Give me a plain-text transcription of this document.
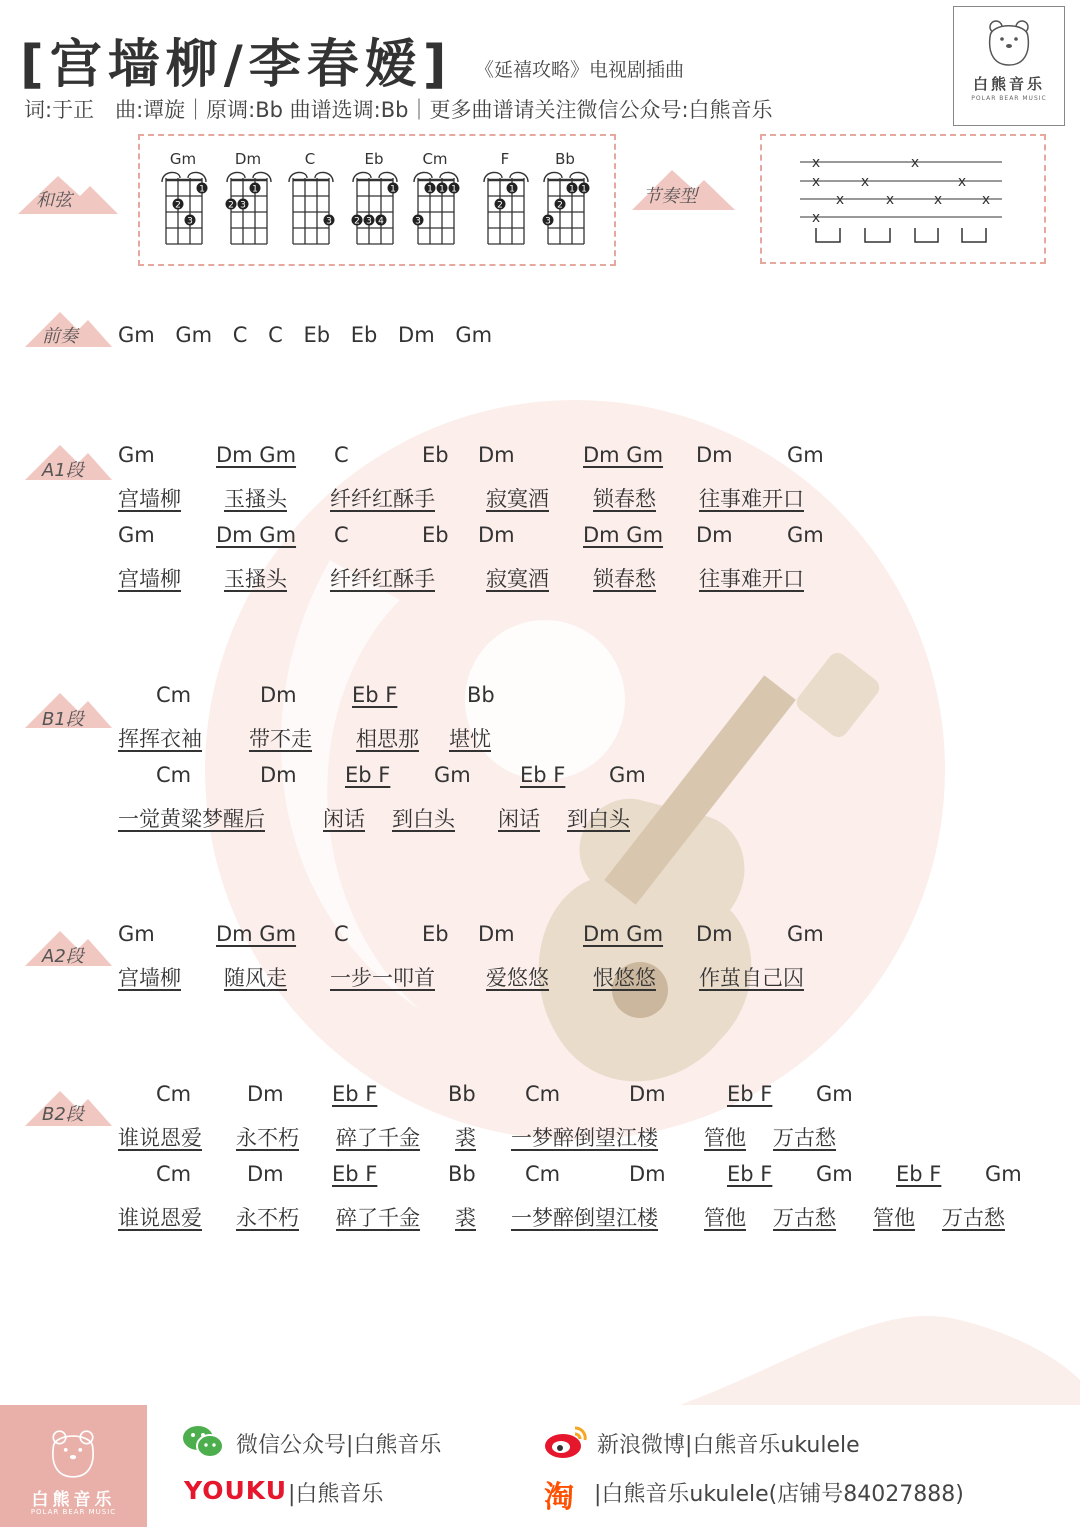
[宫墙柳/李春嫒] 《延禧攻略》电视剧插曲
词:于正　曲:谭旋｜原调:Bb 曲谱选调:Bb｜更多曲谱请关注微信公众号:白熊音乐
白熊音乐
POLAR BEAR MUSIC
和弦
Gm
1
2
3
Dm
1
2 3
C
3
Eb
2 3 4
1
Cm
3
1 1 1
F
2
1
Bb
3
2
1 1	节奏型
x	x
x	x	x
x	x	x	x
x
前奏 Gm Gm C C Eb Eb Dm Gm
A1段
Gm	Dm Gm C	Eb Dm	Dm Gm Dm	Gm
宫墙柳 玉搔头 纤纤红酥手 寂寞酒 锁春愁 往事难开口
Gm	Dm Gm C	Eb Dm	Dm Gm Dm	Gm
宫墙柳 玉搔头 纤纤红酥手 寂寞酒 锁春愁 往事难开口
B1段
Cm	Dm	Eb F	Bb
挥挥衣袖 带不走 相思那 堪忧
Cm	Dm Eb F Gm Eb F Gm
一觉黄粱梦醒后	闲话 到白头 闲话 到白头
A2段
Gm	Dm Gm C	Eb Dm	Dm Gm Dm	Gm
宫墙柳 随风走 一步一叩首 爱悠悠 恨悠悠 作茧自己囚
B2段
Cm	Dm Eb F	Bb Cm	Dm	Eb F Gm
谁说恩爱 永不朽 碎了千金 裘 一梦醉倒望江楼 管他 万古愁
Cm	Dm Eb F	Bb Cm	Dm	Eb F Gm Eb F Gm
谁说恩爱 永不朽 碎了千金 裘 一梦醉倒望江楼 管他 万古愁 管他 万古愁
白熊音乐
POLAR BEAR MUSIC
微信公众号|白熊音乐	新浪微博|白熊音乐ukulele
YOUKU |白熊音乐	淘 |白熊音乐ukulele(店铺号84027888)
